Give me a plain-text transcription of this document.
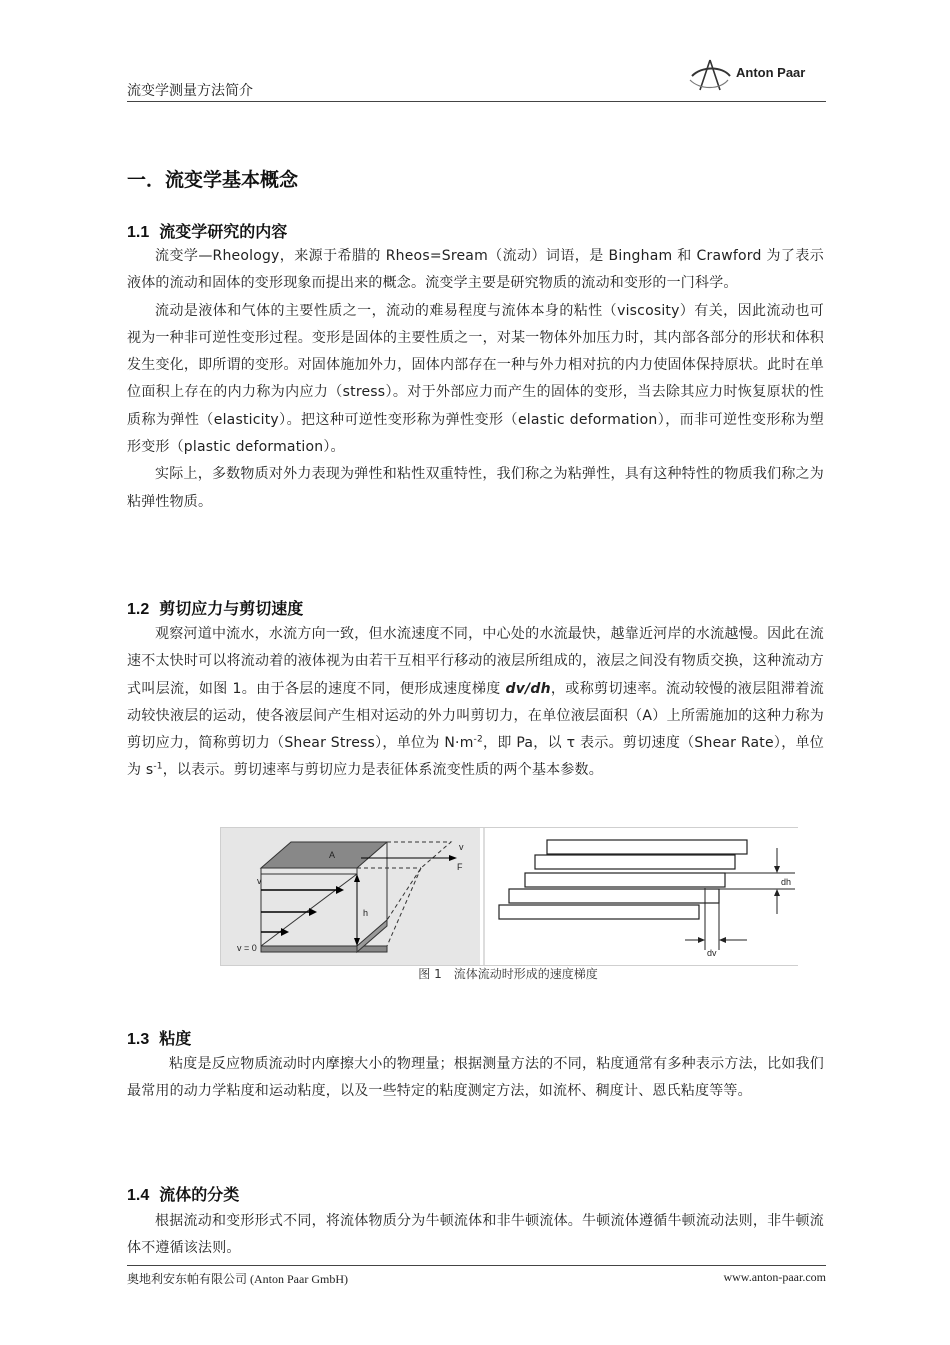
流变学测量方法简介
Anton Paar
一．流变学基本概念
1.1 流变学研究的内容

流变学—Rheology，来源于希腊的 Rheos=Sream（流动）词语，是 Bingham 和 Crawford 为了表示液体的流动和固体的变形现象而提出来的概念。流变学主要是研究物质的流动和变形的一门科学。

流动是液体和气体的主要性质之一，流动的难易程度与流体本身的粘性（viscosity）有关，因此流动也可视为一种非可逆性变形过程。变形是固体的主要性质之一，对某一物体外加压力时，其内部各部分的形状和体积发生变化，即所谓的变形。对固体施加外力，固体内部存在一种与外力相对抗的内力使固体保持原状。此时在单位面积上存在的内力称为内应力（stress）。对于外部应力而产生的固体的变形，当去除其应力时恢复原状的性质称为弹性（elasticity）。把这种可逆性变形称为弹性变形（elastic deformation），而非可逆性变形称为塑形变形（plastic deformation）。

实际上，多数物质对外力表现为弹性和粘性双重特性，我们称之为粘弹性，具有这种特性的物质我们称之为粘弹性物质。

1.2 剪切应力与剪切速度

观察河道中流水，水流方向一致，但水流速度不同，中心处的水流最快，越靠近河岸的水流越慢。因此在流速不太快时可以将流动着的液体视为由若干互相平行移动的液层所组成的，液层之间没有物质交换，这种流动方式叫层流，如图 1。由于各层的速度不同，便形成速度梯度 dv/dh，或称剪切速率。流动较慢的液层阻滞着流动较快液层的运动，使各液层间产生相对运动的外力叫剪切力，在单位液层面积（A）上所需施加的这种力称为剪切应力，简称剪切力（Shear Stress），单位为 $N\cdot m^{-2}$，即 Pa，以 τ 表示。剪切速度（Shear Rate），单位为 $s^{-1}$，以表示。剪切速率与剪切应力是表征体系流变性质的两个基本参数。

A
v
F
v
h
v = 0
dh
dv
图 1　流体流动时形成的速度梯度
1.3 粘度

粘度是反应物质流动时内摩擦大小的物理量；根据测量方法的不同，粘度通常有多种表示方法，比如我们最常用的动力学粘度和运动粘度，以及一些特定的粘度测定方法，如流杯、稠度计、恩氏粘度等等。

1.4 流体的分类

根据流动和变形形式不同，将流体物质分为牛顿流体和非牛顿流体。牛顿流体遵循牛顿流动法则，非牛顿流体不遵循该法则。

奥地利安东帕有限公司 (Anton Paar GmbH)	www.anton-paar.com
